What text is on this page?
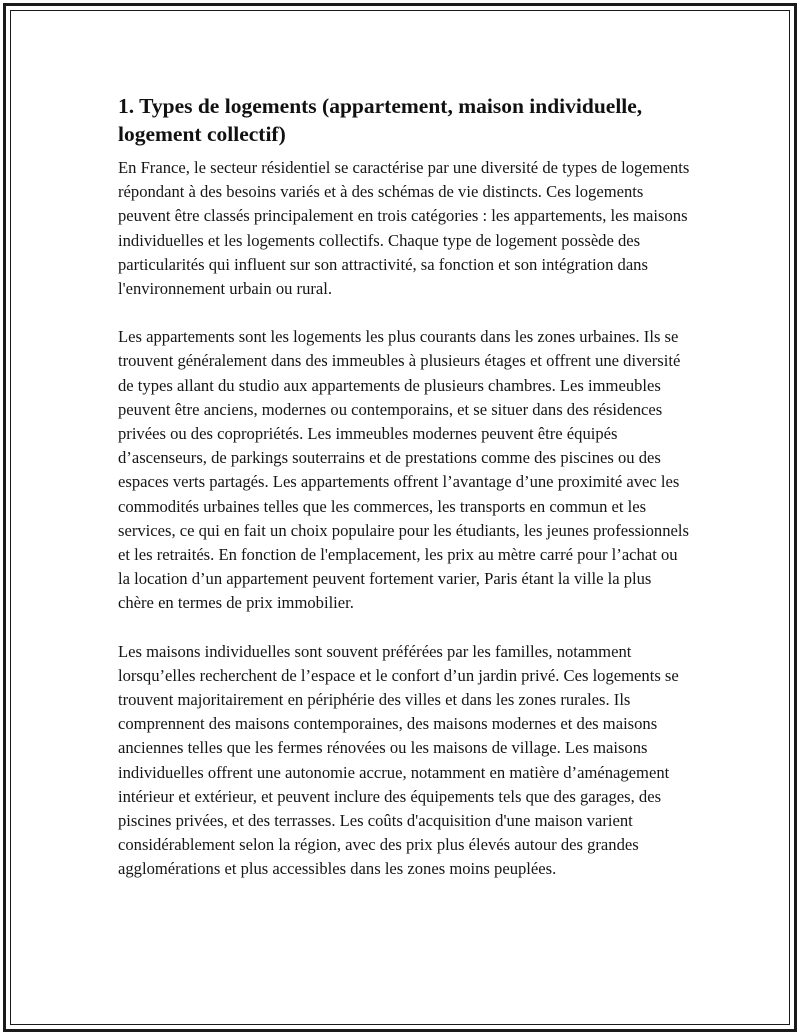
1. Types de logements (appartement, maison individuelle, logement collectif)

En France, le secteur résidentiel se caractérise par une diversité de types de logements répondant à des besoins variés et à des schémas de vie distincts. Ces logements peuvent être classés principalement en trois catégories : les appartements, les maisons individuelles et les logements collectifs. Chaque type de logement possède des particularités qui influent sur son attractivité, sa fonction et son intégration dans l'environnement urbain ou rural.

Les appartements sont les logements les plus courants dans les zones urbaines. Ils se trouvent généralement dans des immeubles à plusieurs étages et offrent une diversité de types allant du studio aux appartements de plusieurs chambres. Les immeubles peuvent être anciens, modernes ou contemporains, et se situer dans des résidences privées ou des copropriétés. Les immeubles modernes peuvent être équipés d’ascenseurs, de parkings souterrains et de prestations comme des piscines ou des espaces verts partagés. Les appartements offrent l’avantage d’une proximité avec les commodités urbaines telles que les commerces, les transports en commun et les services, ce qui en fait un choix populaire pour les étudiants, les jeunes professionnels et les retraités. En fonction de l'emplacement, les prix au mètre carré pour l’achat ou la location d’un appartement peuvent fortement varier, Paris étant la ville la plus chère en termes de prix immobilier.

Les maisons individuelles sont souvent préférées par les familles, notamment lorsqu’elles recherchent de l’espace et le confort d’un jardin privé. Ces logements se trouvent majoritairement en périphérie des villes et dans les zones rurales. Ils comprennent des maisons contemporaines, des maisons modernes et des maisons anciennes telles que les fermes rénovées ou les maisons de village. Les maisons individuelles offrent une autonomie accrue, notamment en matière d’aménagement intérieur et extérieur, et peuvent inclure des équipements tels que des garages, des piscines privées, et des terrasses. Les coûts d'acquisition d'une maison varient considérablement selon la région, avec des prix plus élevés autour des grandes agglomérations et plus accessibles dans les zones moins peuplées.
